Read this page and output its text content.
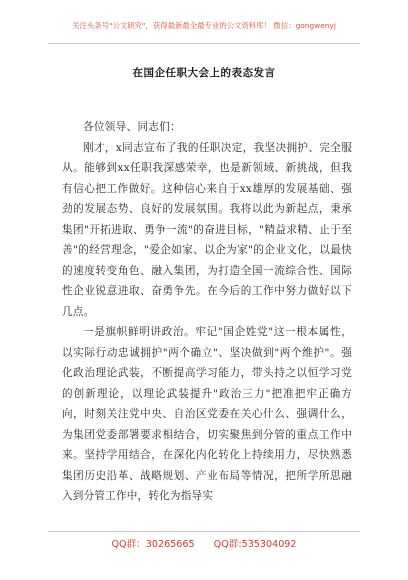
关注头条号"公文研究"，获得最新最全最专业的公文资料库！ 微信：gongwenyj
在国企任职大会上的表态发言

各位领导、同志们：

刚才，x同志宣布了我的任职决定，我坚决拥护、完全服从。能够到xx任职我深感荣幸，也是新领域、新挑战，但我有信心把工作做好。这种信心来自于xx雄厚的发展基础、强劲的发展态势、良好的发展氛围。我将以此为新起点，秉承集团"开拓进取、勇争一流"的奋进目标，"精益求精、止于至善"的经营理念，"爱企如家、以企为家"的企业文化，以最快的速度转变角色、融入集团，为打造全国一流综合性、国际性企业锐意进取、奋勇争先。在今后的工作中努力做好以下几点。

一是旗帜鲜明讲政治。牢记"国企姓党"这一根本属性，以实际行动忠诚拥护"两个确立"、坚决做到"两个维护"。强化政治理论武装，不断提高学习能力，带头持之以恒学习党的创新理论，以理论武装提升"政治三力"把准把牢正确方向，时刻关注党中央、自治区党委在关心什么、强调什么，为集团党委部署要求相结合，切实聚焦到分管的重点工作中来。坚持学用结合，在深化内化转化上持续用力，尽快熟悉集团历史沿革、战略规划、产业布局等情况，把所学所思融入到分管工作中，转化为指导实

QQ群：30265665 QQ群:535304092
